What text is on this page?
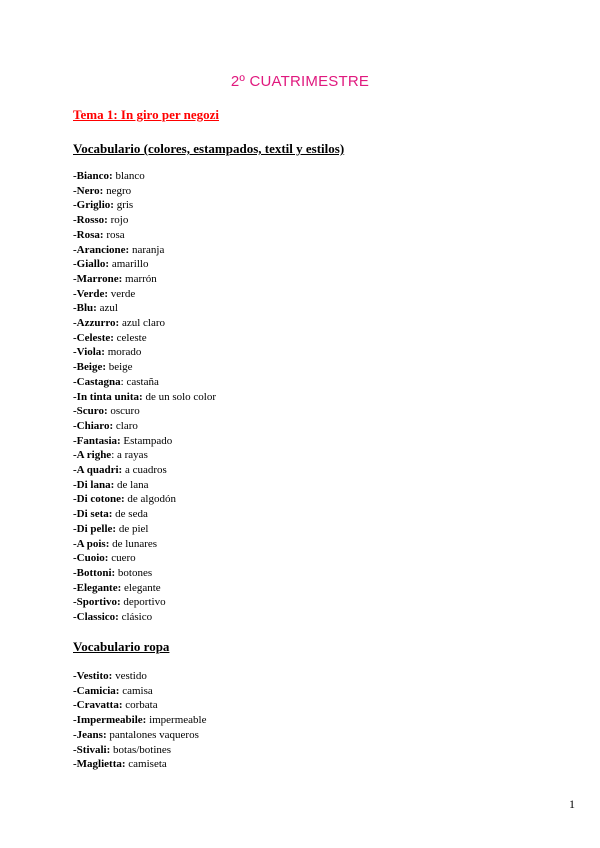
2º CUATRIMESTRE
Tema 1: In giro per negozi
Vocabulario (colores, estampados, textil y estilos)
-Bianco: blanco
-Nero: negro
-Griglio: gris
-Rosso: rojo
-Rosa: rosa
-Arancione: naranja
-Giallo: amarillo
-Marrone: marrón
-Verde: verde
-Blu: azul
-Azzurro: azul claro
-Celeste: celeste
-Viola: morado
-Beige: beige
-Castagna: castaña
-In tinta unita: de un solo color
-Scuro: oscuro
-Chiaro: claro
-Fantasia: Estampado
-A righe: a rayas
-A quadri: a cuadros
-Di lana: de lana
-Di cotone: de algodón
-Di seta: de seda
-Di pelle: de piel
-A pois: de lunares
-Cuoio: cuero
-Bottoni: botones
-Elegante: elegante
-Sportivo: deportivo
-Classico: clásico
Vocabulario ropa
-Vestito: vestido
-Camicia: camisa
-Cravatta: corbata
-Impermeabile: impermeable
-Jeans: pantalones vaqueros
-Stivali: botas/botines
-Maglietta: camiseta
1
